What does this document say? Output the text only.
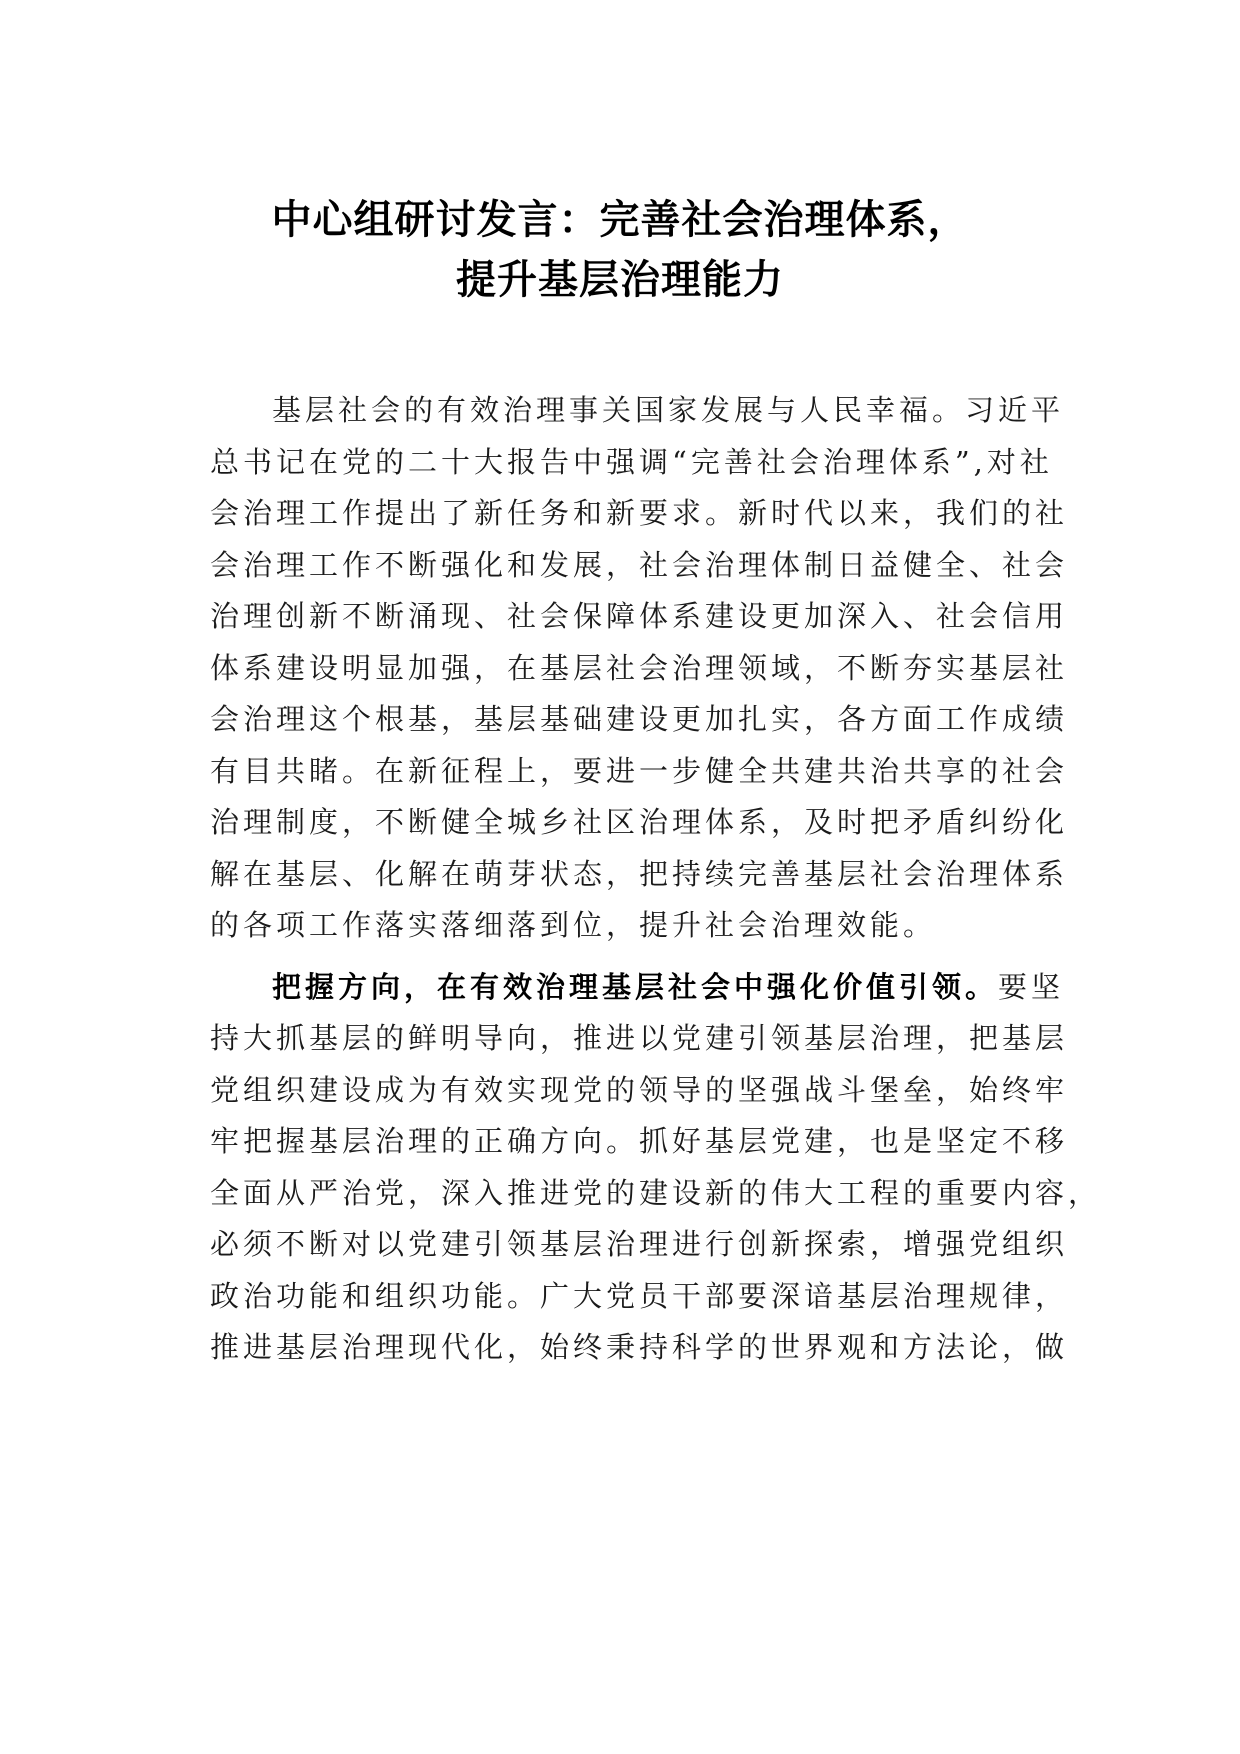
中心组研讨发言：完善社会治理体系，
提升基层治理能力
基层社会的有效治理事关国家发展与人民幸福。习近平
总书记在党的二十大报告中强调“完善社会治理体系”,对社
会治理工作提出了新任务和新要求。新时代以来，我们的社
会治理工作不断强化和发展，社会治理体制日益健全、社会
治理创新不断涌现、社会保障体系建设更加深入、社会信用
体系建设明显加强，在基层社会治理领域，不断夯实基层社
会治理这个根基，基层基础建设更加扎实，各方面工作成绩
有目共睹。在新征程上，要进一步健全共建共治共享的社会
治理制度，不断健全城乡社区治理体系，及时把矛盾纠纷化
解在基层、化解在萌芽状态，把持续完善基层社会治理体系
的各项工作落实落细落到位，提升社会治理效能。
把握方向，在有效治理基层社会中强化价值引领。要坚
持大抓基层的鲜明导向，推进以党建引领基层治理，把基层
党组织建设成为有效实现党的领导的坚强战斗堡垒，始终牢
牢把握基层治理的正确方向。抓好基层党建，也是坚定不移
全面从严治党，深入推进党的建设新的伟大工程的重要内容，
必须不断对以党建引领基层治理进行创新探索，增强党组织
政治功能和组织功能。广大党员干部要深谙基层治理规律，
推进基层治理现代化，始终秉持科学的世界观和方法论，做
